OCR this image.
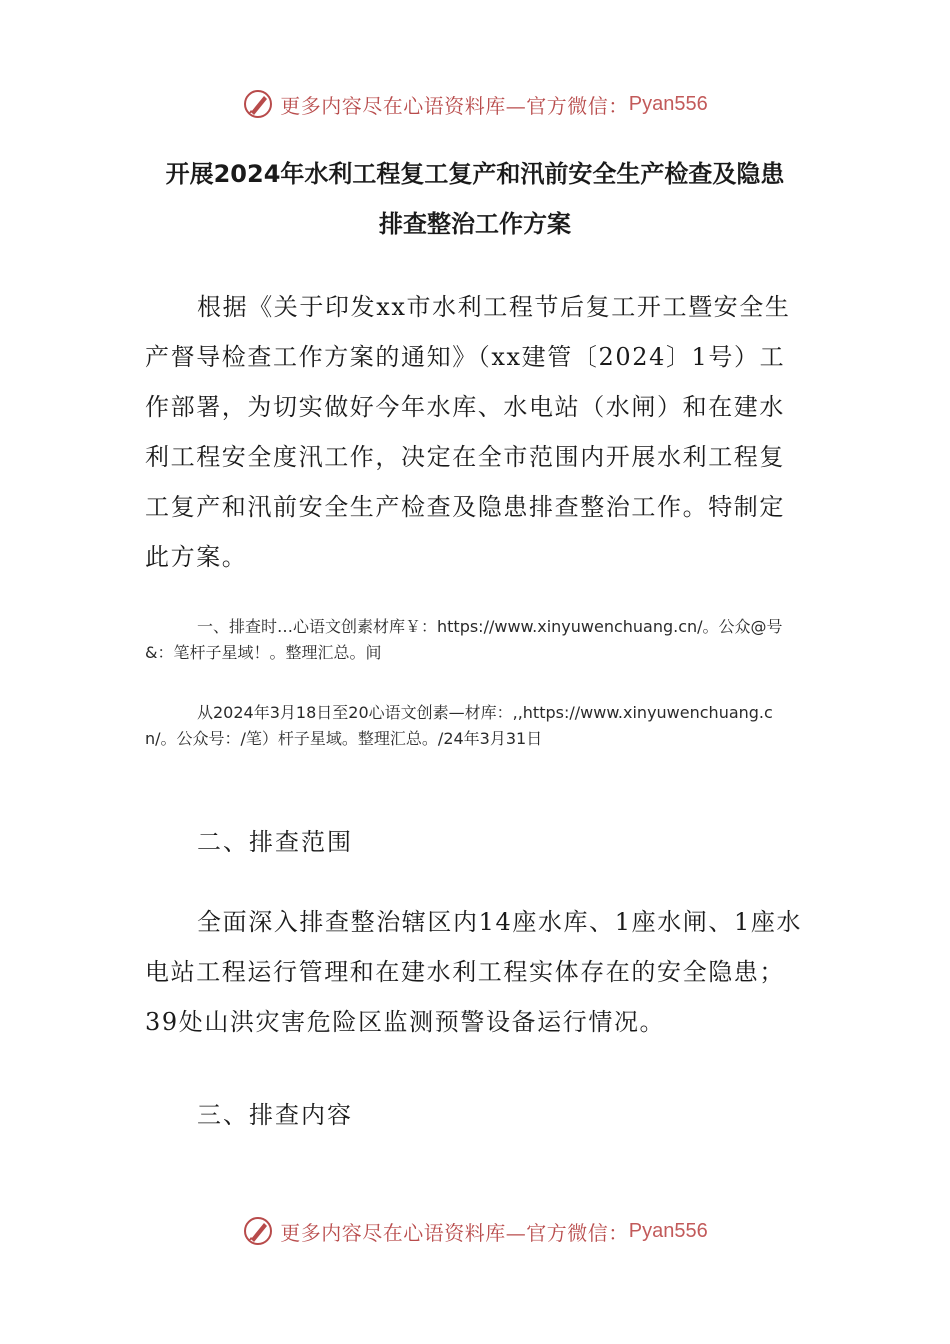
更多内容尽在心语资料库—官方微信： Pyan556
开展2024年水利工程复工复产和汛前安全生产检查及隐患
排查整治工作方案
根据《关于印发xx市水利工程节后复工开工暨安全生产督导检查工作方案的通知》（xx建管〔2024〕1号）工作部署，为切实做好今年水库、水电站（水闸）和在建水利工程安全度汛工作，决定在全市范围内开展水利工程复工复产和汛前安全生产检查及隐患排查整治工作。特制定此方案。
一、排查时…心语文创素材库￥：https://www.xinyuwenchuang.cn/。公众@号&：笔杆子星域！。整理汇总。间
从2024年3月18日至20心语文创素—材库：,,https://www.xinyuwenchuang.cn/。公众号：/笔）杆子星域。整理汇总。/24年3月31日
二、排查范围
全面深入排查整治辖区内14座水库、1座水闸、1座水电站工程运行管理和在建水利工程实体存在的安全隐患；39处山洪灾害危险区监测预警设备运行情况。
三、排查内容
更多内容尽在心语资料库—官方微信： Pyan556
